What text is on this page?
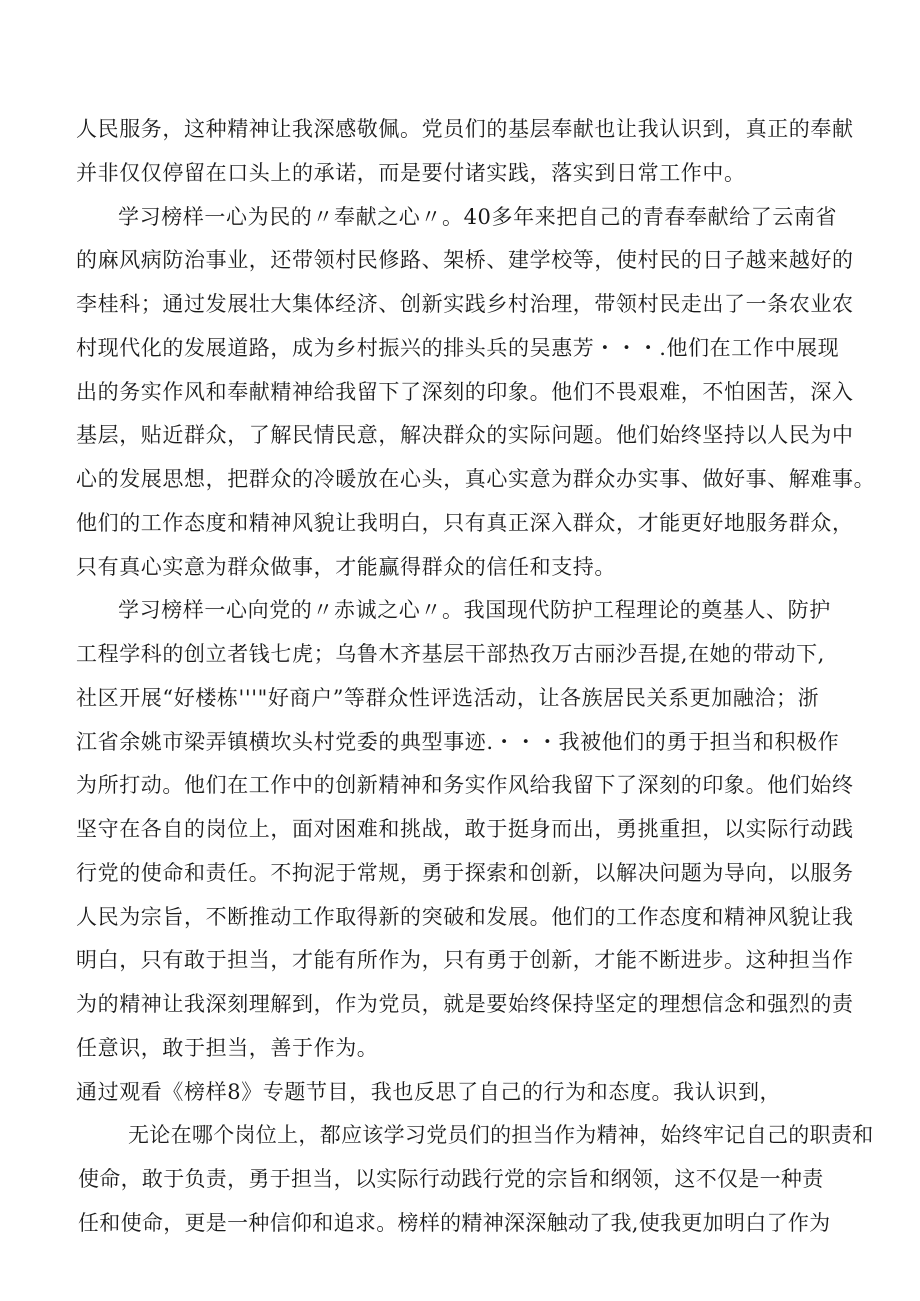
人民服务，这种精神让我深感敬佩。党员们的基层奉献也让我认识到，真正的奉献
并非仅仅停留在口头上的承诺，而是要付诸实践，落实到日常工作中。
学习榜样一心为民的〃奉献之心〃。40多年来把自己的青春奉献给了云南省
的麻风病防治事业，还带领村民修路、架桥、建学校等，使村民的日子越来越好的
李桂科；通过发展壮大集体经济、创新实践乡村治理，带领村民走出了一条农业农
村现代化的发展道路，成为乡村振兴的排头兵的吴惠芳・・・.他们在工作中展现
出的务实作风和奉献精神给我留下了深刻的印象。他们不畏艰难，不怕困苦，深入
基层，贴近群众，了解民情民意，解决群众的实际问题。他们始终坚持以人民为中
心的发展思想，把群众的冷暖放在心头，真心实意为群众办实事、做好事、解难事。
他们的工作态度和精神风貌让我明白，只有真正深入群众，才能更好地服务群众，
只有真心实意为群众做事，才能赢得群众的信任和支持。
学习榜样一心向党的〃赤诚之心〃。我国现代防护工程理论的奠基人、防护
工程学科的创立者钱七虎；乌鲁木齐基层干部热孜万古丽沙吾提,在她的带动下,
社区开展“好楼栋'''"好商户”等群众性评选活动，让各族居民关系更加融洽；浙
江省余姚市梁弄镇横坎头村党委的典型事迹.・・・我被他们的勇于担当和积极作
为所打动。他们在工作中的创新精神和务实作风给我留下了深刻的印象。他们始终
坚守在各自的岗位上，面对困难和挑战，敢于挺身而出，勇挑重担，以实际行动践
行党的使命和责任。不拘泥于常规，勇于探索和创新，以解决问题为导向，以服务
人民为宗旨，不断推动工作取得新的突破和发展。他们的工作态度和精神风貌让我
明白，只有敢于担当，才能有所作为，只有勇于创新，才能不断进步。这种担当作
为的精神让我深刻理解到，作为党员，就是要始终保持坚定的理想信念和强烈的责
任意识，敢于担当，善于作为。
通过观看《榜样8》专题节目，我也反思了自己的行为和态度。我认识到，
无论在哪个岗位上，都应该学习党员们的担当作为精神，始终牢记自己的职责和
使命，敢于负责，勇于担当，以实际行动践行党的宗旨和纲领，这不仅是一种责
任和使命，更是一种信仰和追求。榜样的精神深深触动了我,使我更加明白了作为
